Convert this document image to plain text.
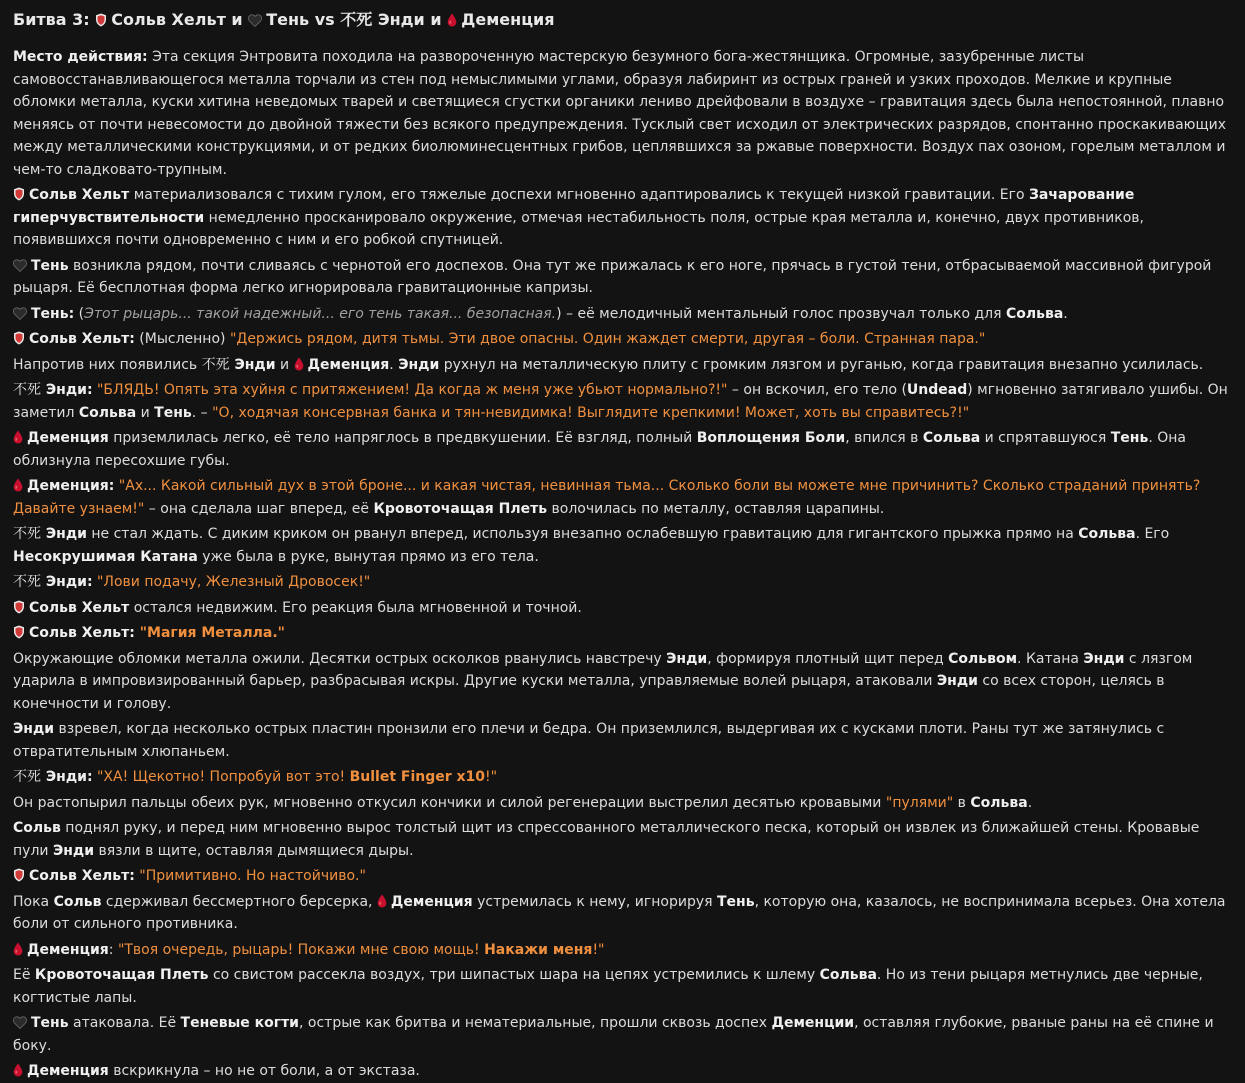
Битва 3: Сольв Хельт и Тень vs 不死 Энди и Деменция

Место действия: Эта секция Энтровита походила на развороченную мастерскую безумного бога-жестянщика. Огромные, зазубренные листы самовосстанавливающегося металла торчали из стен под немыслимыми углами, образуя лабиринт из острых граней и узких проходов. Мелкие и крупные обломки металла, куски хитина неведомых тварей и светящиеся сгустки органики лениво дрейфовали в воздухе – гравитация здесь была непостоянной, плавно меняясь от почти невесомости до двойной тяжести без всякого предупреждения. Тусклый свет исходил от электрических разрядов, спонтанно проскакивающих между металлическими конструкциями, и от редких биолюминесцентных грибов, цеплявшихся за ржавые поверхности. Воздух пах озоном, горелым металлом и чем-то сладковато-трупным.

Сольв Хельт материализовался с тихим гулом, его тяжелые доспехи мгновенно адаптировались к текущей низкой гравитации. Его Зачарование гиперчувствительности немедленно просканировало окружение, отмечая нестабильность поля, острые края металла и, конечно, двух противников, появившихся почти одновременно с ним и его робкой спутницей.

Тень возникла рядом, почти сливаясь с чернотой его доспехов. Она тут же прижалась к его ноге, прячась в густой тени, отбрасываемой массивной фигурой рыцаря. Её бесплотная форма легко игнорировала гравитационные капризы.

Тень: (Этот рыцарь... такой надежный... его тень такая... безопасная.) – её мелодичный ментальный голос прозвучал только для Сольва.

Сольв Хельт: (Мысленно) "Держись рядом, дитя тьмы. Эти двое опасны. Один жаждет смерти, другая – боли. Странная пара."

Напротив них появились 不死 Энди и Деменция. Энди рухнул на металлическую плиту с громким лязгом и руганью, когда гравитация внезапно усилилась.

不死 Энди: "БЛЯДЬ! Опять эта хуйня с притяжением! Да когда ж меня уже убьют нормально?!" – он вскочил, его тело (Undead) мгновенно затягивало ушибы. Он заметил Сольва и Тень. – "О, ходячая консервная банка и тян-невидимка! Выглядите крепкими! Может, хоть вы справитесь?!"

Деменция приземлилась легко, её тело напряглось в предвкушении. Её взгляд, полный Воплощения Боли, впился в Сольва и спрятавшуюся Тень. Она облизнула пересохшие губы.

Деменция: "Ах... Какой сильный дух в этой броне... и какая чистая, невинная тьма... Сколько боли вы можете мне причинить? Сколько страданий принять? Давайте узнаем!" – она сделала шаг вперед, её Кровоточащая Плеть волочилась по металлу, оставляя царапины.

不死 Энди не стал ждать. С диким криком он рванул вперед, используя внезапно ослабевшую гравитацию для гигантского прыжка прямо на Сольва. Его Несокрушимая Катана уже была в руке, вынутая прямо из его тела.

不死 Энди: "Лови подачу, Железный Дровосек!"

Сольв Хельт остался недвижим. Его реакция была мгновенной и точной.

Сольв Хельт: "Магия Металла."

Окружающие обломки металла ожили. Десятки острых осколков рванулись навстречу Энди, формируя плотный щит перед Сольвом. Катана Энди с лязгом ударила в импровизированный барьер, разбрасывая искры. Другие куски металла, управляемые волей рыцаря, атаковали Энди со всех сторон, целясь в конечности и голову.

Энди взревел, когда несколько острых пластин пронзили его плечи и бедра. Он приземлился, выдергивая их с кусками плоти. Раны тут же затянулись с отвратительным хлюпаньем.

不死 Энди: "ХА! Щекотно! Попробуй вот это! Bullet Finger x10!"

Он растопырил пальцы обеих рук, мгновенно откусил кончики и силой регенерации выстрелил десятью кровавыми "пулями" в Сольва.

Сольв поднял руку, и перед ним мгновенно вырос толстый щит из спрессованного металлического песка, который он извлек из ближайшей стены. Кровавые пули Энди вязли в щите, оставляя дымящиеся дыры.

Сольв Хельт: "Примитивно. Но настойчиво."

Пока Сольв сдерживал бессмертного берсерка, Деменция устремилась к нему, игнорируя Тень, которую она, казалось, не воспринимала всерьез. Она хотела боли от сильного противника.

Деменция: "Твоя очередь, рыцарь! Покажи мне свою мощь! Накажи меня!"

Её Кровоточащая Плеть со свистом рассекла воздух, три шипастых шара на цепях устремились к шлему Сольва. Но из тени рыцаря метнулись две черные, когтистые лапы.

Тень атаковала. Её Теневые когти, острые как бритва и нематериальные, прошли сквозь доспех Деменции, оставляя глубокие, рваные раны на её спине и боку.

Деменция вскрикнула – но не от боли, а от экстаза.
